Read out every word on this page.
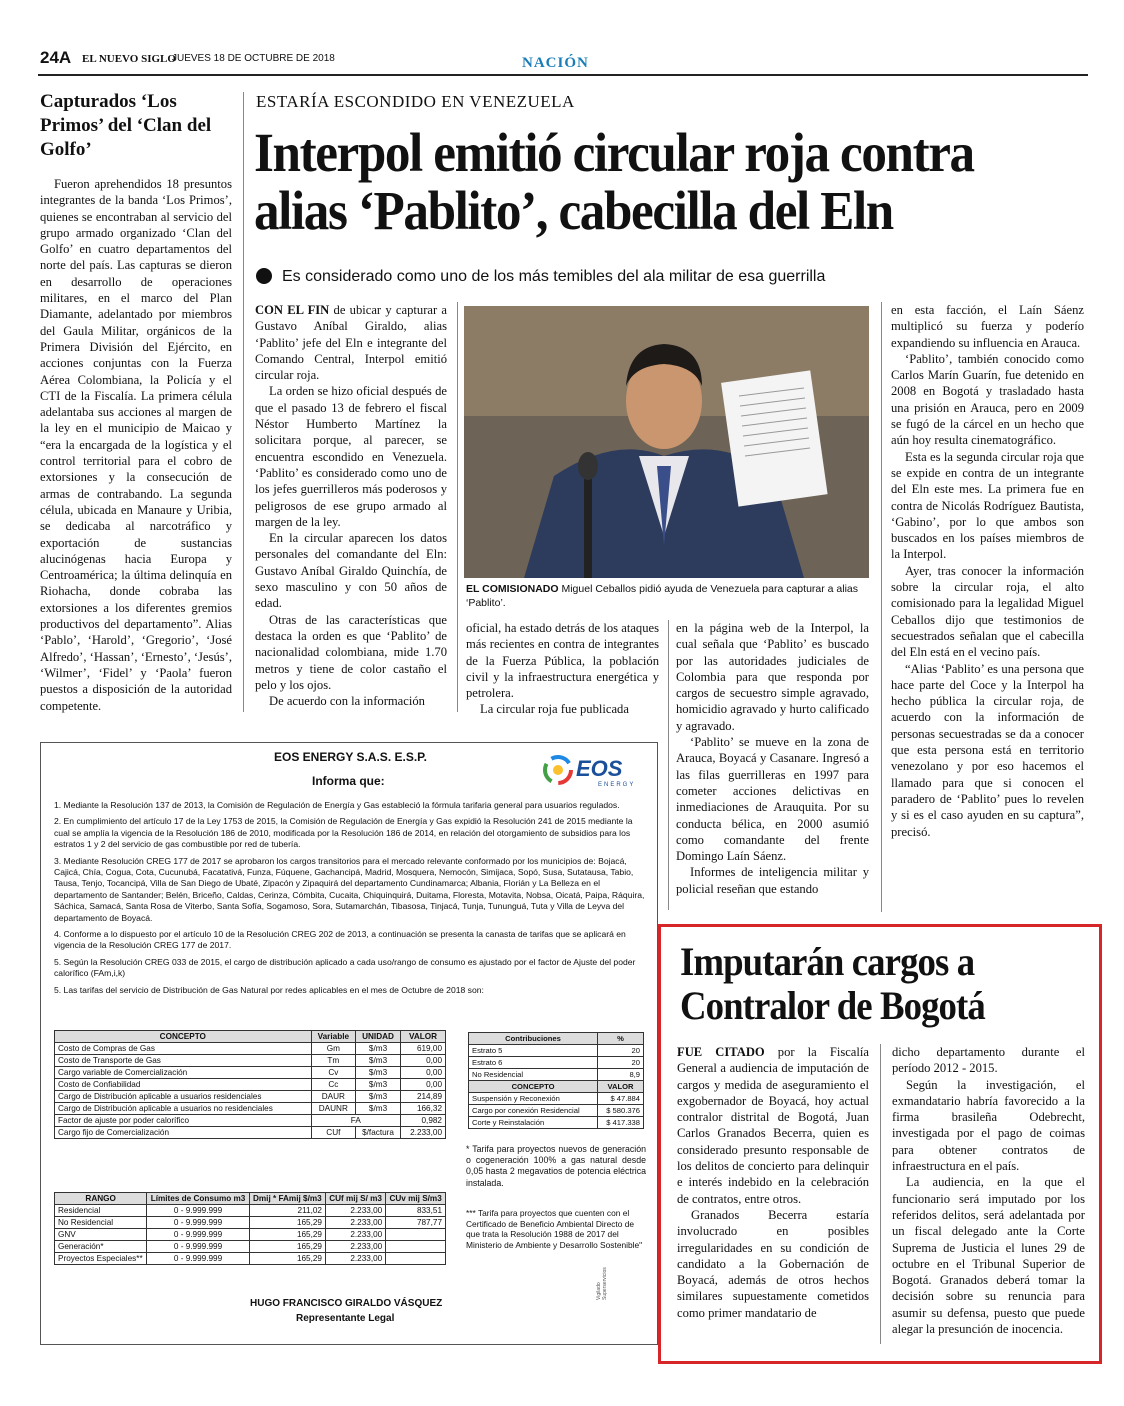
24A EL NUEVO SIGLO
JUEVES 18 DE OCTUBRE DE 2018	NACIÓN
Capturados ‘Los Primos’ del ‘Clan del Golfo’

Fueron aprehendidos 18 presuntos integrantes de la banda ‘Los Primos’, quienes se encontraban al servicio del grupo armado organizado ‘Clan del Golfo’ en cuatro departamentos del norte del país. Las capturas se dieron en desarrollo de operaciones militares, en el marco del Plan Diamante, adelantado por miembros del Gaula Militar, orgánicos de la Primera División del Ejército, en acciones conjuntas con la Fuerza Aérea Colombiana, la Policía y el CTI de la Fiscalía. La primera célula adelantaba sus acciones al margen de la ley en el municipio de Maicao y “era la encargada de la logística y el control territorial para el cobro de extorsiones y la consecución de armas de contrabando. La segunda célula, ubicada en Manaure y Uribia, se dedicaba al narcotráfico y exportación de sustancias alucinógenas hacia Europa y Centroamérica; la última delinquía en Riohacha, donde cobraba las extorsiones a los diferentes gremios productivos del departamento”. Alias ‘Pablo’, ‘Harold’, ‘Gregorio’, ‘José Alfredo’, ‘Hassan’, ‘Ernesto’, ‘Jesús’, ‘Wilmer’, ‘Fidel’ y ‘Paola’ fueron puestos a disposición de la autoridad competente.

ESTARÍA ESCONDIDO EN VENEZUELA
Interpol emitió circular roja contra alias ‘Pablito’, cabecilla del Eln
Es considerado como uno de los más temibles del ala militar de esa guerrilla

CON EL FIN de ubicar y capturar a Gustavo Aníbal Giraldo, alias ‘Pablito’ jefe del Eln e integrante del Comando Central, Interpol emitió circular roja.

La orden se hizo oficial después de que el pasado 13 de febrero el fiscal Néstor Humberto Martínez la solicitara porque, al parecer, se encuentra escondido en Venezuela. ‘Pablito’ es considerado como uno de los jefes guerrilleros más poderosos y peligrosos de ese grupo armado al margen de la ley.

En la circular aparecen los datos personales del comandante del Eln: Gustavo Aníbal Giraldo Quinchía, de sexo masculino y con 50 años de edad.

Otras de las características que destaca la orden es que ‘Pablito’ de nacionalidad colombiana, mide 1.70 metros y tiene de color castaño el pelo y los ojos.

De acuerdo con la información

EL COMISIONADO Miguel Ceballos pidió ayuda de Venezuela para capturar a alias ‘Pablito’.

oficial, ha estado detrás de los ataques más recientes en contra de integrantes de la Fuerza Pública, la población civil y la infraestructura energética y petrolera.

La circular roja fue publicada

en la página web de la Interpol, la cual señala que ‘Pablito’ es buscado por las autoridades judiciales de Colombia para que responda por cargos de secuestro simple agravado, homicidio agravado y hurto calificado y agravado.

‘Pablito’ se mueve en la zona de Arauca, Boyacá y Casanare. Ingresó a las filas guerrilleras en 1997 para cometer acciones delictivas en inmediaciones de Arauquita. Por su conducta bélica, en 2000 asumió como comandante del frente Domingo Laín Sáenz.

Informes de inteligencia militar y policial reseñan que estando

en esta facción, el Laín Sáenz multiplicó su fuerza y poderío expandiendo su influencia en Arauca.

‘Pablito’, también conocido como Carlos Marín Guarín, fue detenido en 2008 en Bogotá y trasladado hasta una prisión en Arauca, pero en 2009 se fugó de la cárcel en un hecho que aún hoy resulta cinematográfico.

Esta es la segunda circular roja que se expide en contra de un integrante del Eln este mes. La primera fue en contra de Nicolás Rodríguez Bautista, ‘Gabino’, por lo que ambos son buscados en los países miembros de la Interpol.

Ayer, tras conocer la información sobre la circular roja, el alto comisionado para la legalidad Miguel Ceballos dijo que testimonios de secuestrados señalan que el cabecilla del Eln está en el vecino país.

“Alias ‘Pablito’ es una persona que hace parte del Coce y la Interpol ha hecho pública la circular roja, de acuerdo con la información de personas secuestradas se da a conocer que esta persona está en territorio venezolano y por eso hacemos el llamado para que si conocen el paradero de ‘Pablito’ pues lo revelen y si es el caso ayuden en su captura”, precisó.

EOS ENERGY S.A.S. E.S.P.
Informa que:	EOS
ENERGY

1. Mediante la Resolución 137 de 2013, la Comisión de Regulación de Energía y Gas estableció la fórmula tarifaria general para usuarios regulados.

2. En cumplimiento del artículo 17 de la Ley 1753 de 2015, la Comisión de Regulación de Energía y Gas expidió la Resolución 241 de 2015 mediante la cual se amplía la vigencia de la Resolución 186 de 2010, modificada por la Resolución 186 de 2014, en relación del otorgamiento de subsidios para los estratos 1 y 2 del servicio de gas combustible por red de tubería.

3. Mediante Resolución CREG 177 de 2017 se aprobaron los cargos transitorios para el mercado relevante conformado por los municipios de: Bojacá, Cajicá, Chía, Cogua, Cota, Cucunubá, Facatativá, Funza, Fúquene, Gachancipá, Madrid, Mosquera, Nemocón, Simijaca, Sopó, Susa, Sutatausa, Tabio, Tausa, Tenjo, Tocancipá, Villa de San Diego de Ubaté, Zipacón y Zipaquirá del departamento Cundinamarca; Albania, Florián y La Belleza en el departamento de Santander; Belén, Briceño, Caldas, Cerinza, Cómbita, Cucaita, Chiquinquirá, Duitama, Floresta, Motavita, Nobsa, Oicatá, Paipa, Ráquira, Sáchica, Samacá, Santa Rosa de Viterbo, Santa Sofía, Sogamoso, Sora, Sutamarchán, Tibasosa, Tinjacá, Tunja, Tununguá, Tuta y Villa de Leyva del departamento de Boyacá.

4. Conforme a lo dispuesto por el artículo 10 de la Resolución CREG 202 de 2013, a continuación se presenta la canasta de tarifas que se aplicará en vigencia de la Resolución CREG 177 de 2017.

5. Según la Resolución CREG 033 de 2015, el cargo de distribución aplicado a cada uso/rango de consumo es ajustado por el factor de Ajuste del poder calorífico (FAm,i,k)

5. Las tarifas del servicio de Distribución de Gas Natural por redes aplicables en el mes de Octubre de 2018 son:

CONCEPTO	Variable	UNIDAD	VALOR
Costo de Compras de Gas	Gm	$/m3	619,00
Costo de Transporte de Gas	Tm	$/m3	0,00
Cargo variable de Comercialización	Cv	$/m3	0,00
Costo de Confiabilidad	Cc	$/m3	0,00
Cargo de Distribución aplicable a usuarios residenciales	DAUR	$/m3	214,89
Cargo de Distribución aplicable a usuarios no residenciales	DAUNR	$/m3	166,32
Factor de ajuste por poder calorífico	FA		0,982
Cargo fijo de Comercialización	CUf	$/factura	2.233,00
Contribuciones	%
Estrato 5	20
Estrato 6	20
No Residencial	8,9
CONCEPTO	VALOR
Suspensión y Reconexión	$ 47.884
Cargo por conexión Residencial	$ 580.376
Corte y Reinstalación	$ 417.338
* Tarifa para proyectos nuevos de generación o cogeneración 100% a gas natural desde 0,05 hasta 2 megavatios de potencia eléctrica instalada.
*** Tarifa para proyectos que cuenten con el Certificado de Beneficio Ambiental Directo de que trata la Resolución 1988 de 2017 del Ministerio de Ambiente y Desarrollo Sostenible"
RANGO	Límites de Consumo m3	Dmij * FAmij $/m3	CUf mij S/ m3	CUv mij S/m3
Residencial	0 - 9.999.999	211,02	2.233,00	833,51
No Residencial	0 - 9.999.999	165,29	2.233,00	787,77
GNV	0 - 9.999.999	165,29	2.233,00	
Generación*	0 - 9.999.999	165,29	2.233,00	
Proyectos Especiales**	0 - 9.999.999	165,29	2.233,00	
HUGO FRANCISCO GIRALDO VÁSQUEZ
Representante Legal
Vigilado Superservicios
Imputarán cargos a Contralor de Bogotá

FUE CITADO por la Fiscalía General a audiencia de imputación de cargos y medida de aseguramiento el exgobernador de Boyacá, hoy actual contralor distrital de Bogotá, Juan Carlos Granados Becerra, quien es considerado presunto responsable de los delitos de concierto para delinquir e interés indebido en la celebración de contratos, entre otros.

Granados Becerra estaría involucrado en posibles irregularidades en su condición de candidato a la Gobernación de Boyacá, además de otros hechos similares supuestamente cometidos como primer mandatario de

dicho departamento durante el período 2012 - 2015.

Según la investigación, el exmandatario habría favorecido a la firma brasileña Odebrecht, investigada por el pago de coimas para obtener contratos de infraestructura en el país.

La audiencia, en la que el funcionario será imputado por los referidos delitos, será adelantada por un fiscal delegado ante la Corte Suprema de Justicia el lunes 29 de octubre en el Tribunal Superior de Bogotá. Granados deberá tomar la decisión sobre su renuncia para asumir su defensa, puesto que puede alegar la presunción de inocencia.
